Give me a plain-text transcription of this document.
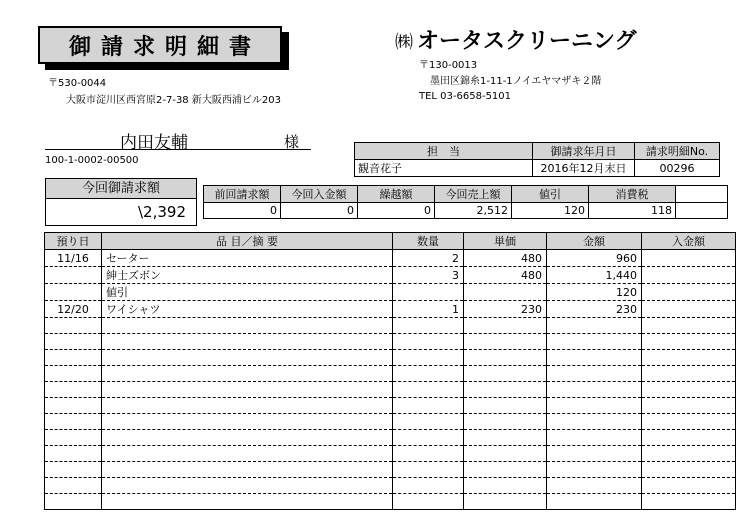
御請求明細書
〒530-0044
大阪市淀川区西宮原2-7-38 新大阪西浦ビル203
㈱ オータスクリーニング
〒130-0013
墨田区錦糸1-11-1ノイエヤマザキ２階
TEL 03-6658-5101
内田友輔	様
100-1-0002-00500
担　当	御請求年月日	請求明細No.
観音花子	2016年12月末日	00296
今回御請求額
\2,392
前回請求額	今回入金額	繰越額	今回売上額	値引	消費税	
0	0	0	2,512	120	118	
預り日	品 目／摘 要	数量	単価	金額	入金額
11/16	セーター	2	480	960	
	紳士ズボン	3	480	1,440	
	値引			120	
12/20	ワイシャツ	1	230	230	
